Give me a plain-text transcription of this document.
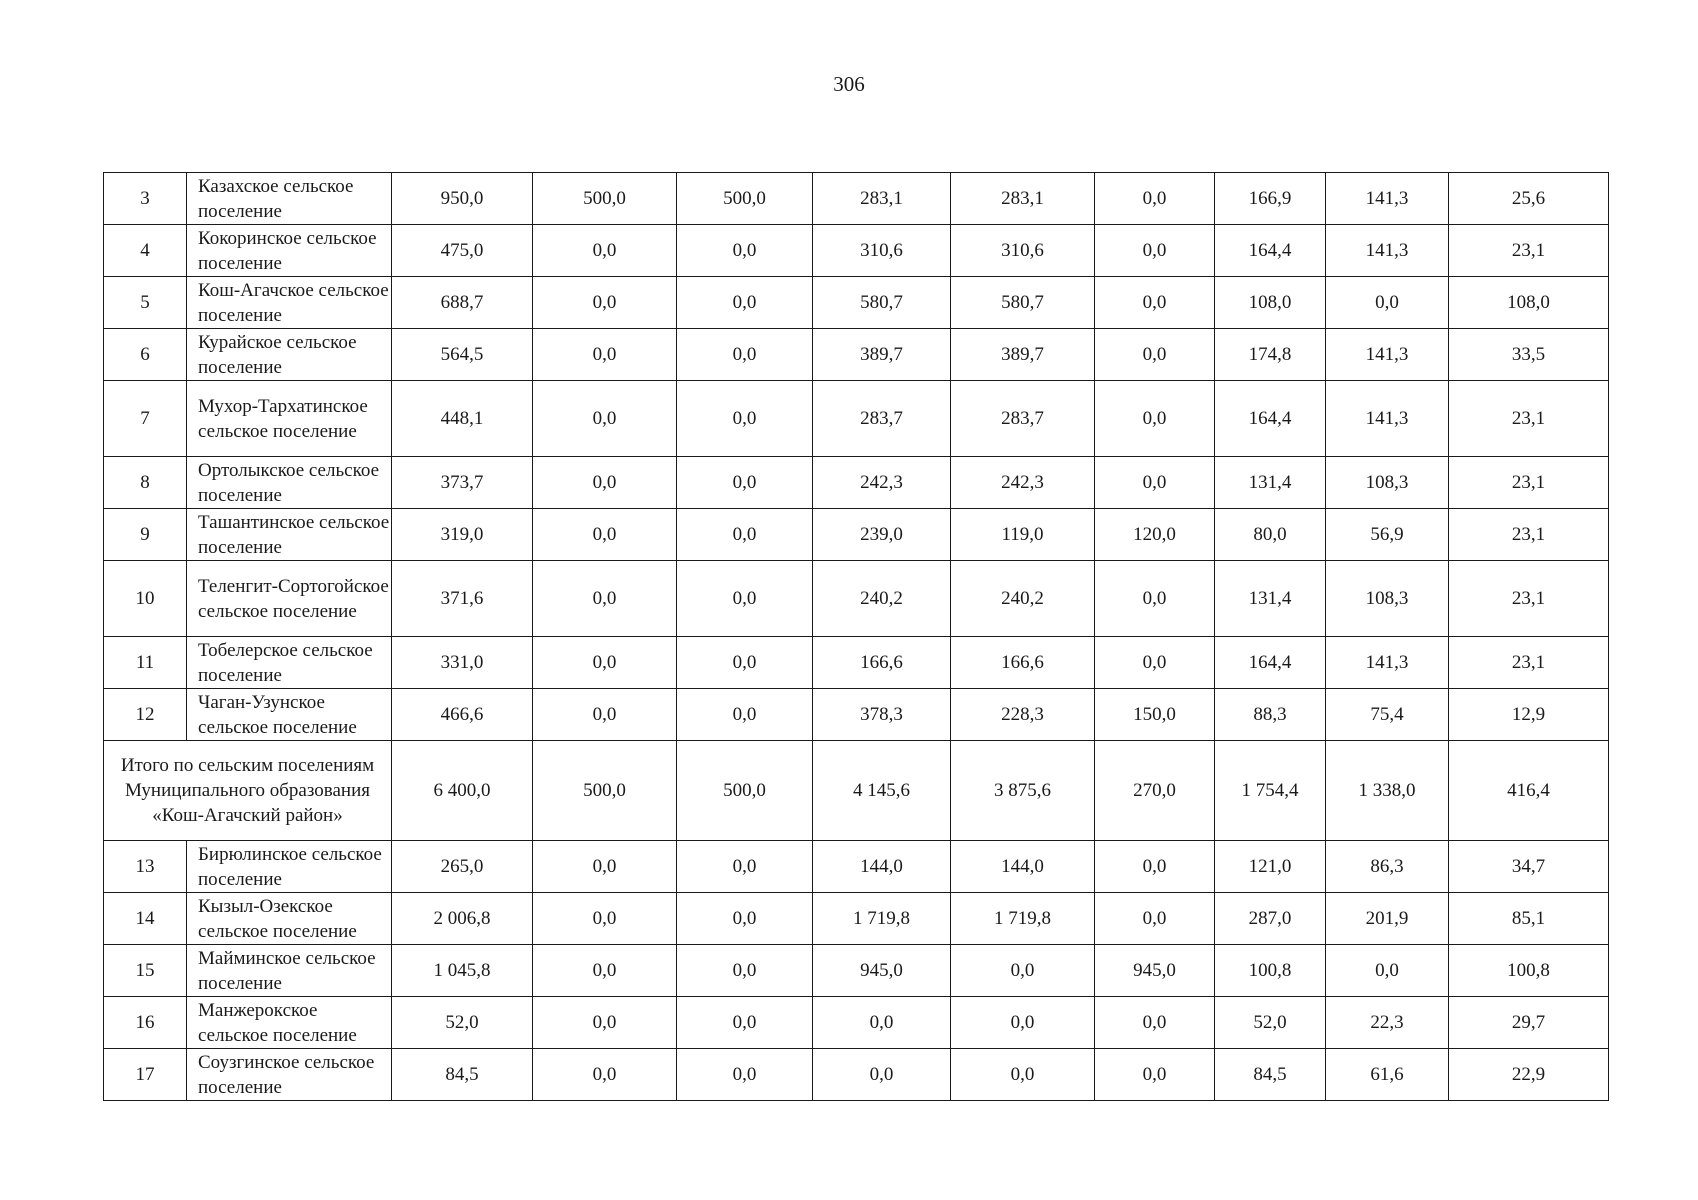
306
3	Казахское сельское поселение	950,0	500,0	500,0	283,1	283,1	0,0	166,9	141,3	25,6
4	Кокоринское сельское поселение	475,0	0,0	0,0	310,6	310,6	0,0	164,4	141,3	23,1
5	Кош-Агачское сельское поселение	688,7	0,0	0,0	580,7	580,7	0,0	108,0	0,0	108,0
6	Курайское сельское поселение	564,5	0,0	0,0	389,7	389,7	0,0	174,8	141,3	33,5
7	Мухор-Тархатинское сельское поселение	448,1	0,0	0,0	283,7	283,7	0,0	164,4	141,3	23,1
8	Ортолыкское сельское поселение	373,7	0,0	0,0	242,3	242,3	0,0	131,4	108,3	23,1
9	Ташантинское сельское поселение	319,0	0,0	0,0	239,0	119,0	120,0	80,0	56,9	23,1
10	Теленгит-Сортогойское сельское поселение	371,6	0,0	0,0	240,2	240,2	0,0	131,4	108,3	23,1
11	Тобелерское сельское поселение	331,0	0,0	0,0	166,6	166,6	0,0	164,4	141,3	23,1
12	Чаган-Узунское сельское поселение	466,6	0,0	0,0	378,3	228,3	150,0	88,3	75,4	12,9
Итого по сельским поселениям Муниципального образования «Кош-Агачский район»		6 400,0	500,0	500,0	4 145,6	3 875,6	270,0	1 754,4	1 338,0	416,4
13	Бирюлинское сельское поселение	265,0	0,0	0,0	144,0	144,0	0,0	121,0	86,3	34,7
14	Кызыл-Озекское сельское поселение	2 006,8	0,0	0,0	1 719,8	1 719,8	0,0	287,0	201,9	85,1
15	Майминское сельское поселение	1 045,8	0,0	0,0	945,0	0,0	945,0	100,8	0,0	100,8
16	Манжерокское сельское поселение	52,0	0,0	0,0	0,0	0,0	0,0	52,0	22,3	29,7
17	Соузгинское сельское поселение	84,5	0,0	0,0	0,0	0,0	0,0	84,5	61,6	22,9
